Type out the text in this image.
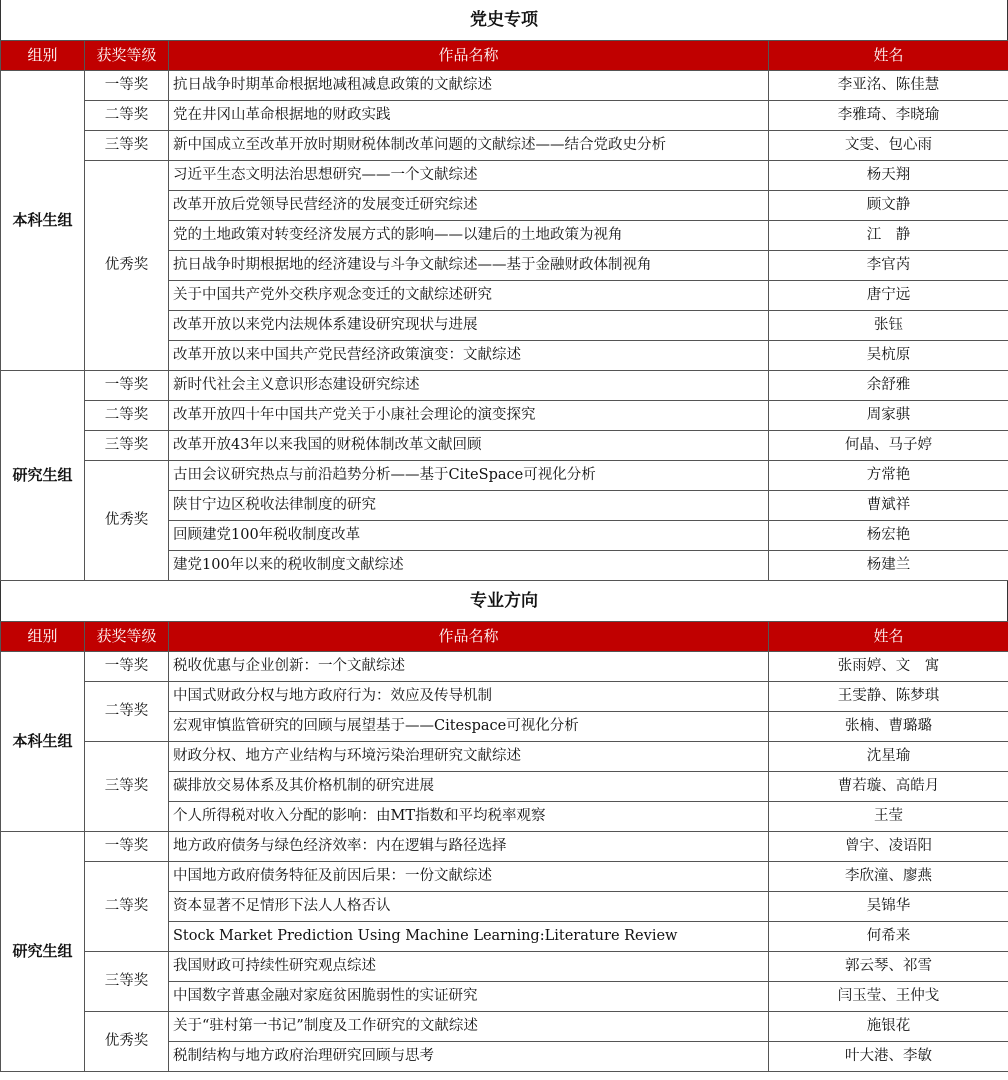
党史专项
组别	获奖等级	作品名称	姓名
本科生组	一等奖	抗日战争时期革命根据地减租减息政策的文献综述	李亚洺、陈佳慧
	二等奖	党在井冈山革命根据地的财政实践	李雅琦、李晓瑜
	三等奖	新中国成立至改革开放时期财税体制改革问题的文献综述——结合党政史分析	文雯、包心雨
	优秀奖	习近平生态文明法治思想研究——一个文献综述	杨天翔
		改革开放后党领导民营经济的发展变迁研究综述	顾文静
		党的土地政策对转变经济发展方式的影响——以建后的土地政策为视角	江　静
		抗日战争时期根据地的经济建设与斗争文献综述——基于金融财政体制视角	李官芮
		关于中国共产党外交秩序观念变迁的文献综述研究	唐宁远
		改革开放以来党内法规体系建设研究现状与进展	张钰
		改革开放以来中国共产党民营经济政策演变：文献综述	吴杭原
研究生组	一等奖	新时代社会主义意识形态建设研究综述	余舒雅
	二等奖	改革开放四十年中国共产党关于小康社会理论的演变探究	周家骐
	三等奖	改革开放43年以来我国的财税体制改革文献回顾	何晶、马子婷
	优秀奖	古田会议研究热点与前沿趋势分析——基于CiteSpace可视化分析	方常艳
		陕甘宁边区税收法律制度的研究	曹斌祥
		回顾建党100年税收制度改革	杨宏艳
		建党100年以来的税收制度文献综述	杨建兰
专业方向
组别	获奖等级	作品名称	姓名
本科生组	一等奖	税收优惠与企业创新：一个文献综述	张雨婷、文　寓
	二等奖	中国式财政分权与地方政府行为：效应及传导机制	王雯静、陈梦琪
		宏观审慎监管研究的回顾与展望基于——Citespace可视化分析	张楠、曹璐璐
	三等奖	财政分权、地方产业结构与环境污染治理研究文献综述	沈星瑜
		碳排放交易体系及其价格机制的研究进展	曹若璇、高皓月
		个人所得税对收入分配的影响：由MT指数和平均税率观察	王莹
研究生组	一等奖	地方政府债务与绿色经济效率：内在逻辑与路径选择	曾宇、凌语阳
	二等奖	中国地方政府债务特征及前因后果：一份文献综述	李欣潼、廖燕
		资本显著不足情形下法人人格否认	吴锦华
		Stock Market Prediction Using Machine Learning:Literature Review	何希来
	三等奖	我国财政可持续性研究观点综述	郭云琴、祁雪
		中国数字普惠金融对家庭贫困脆弱性的实证研究	闫玉莹、王仲戈
	优秀奖	关于“驻村第一书记”制度及工作研究的文献综述	施银花
		税制结构与地方政府治理研究回顾与思考	叶大港、李敏
